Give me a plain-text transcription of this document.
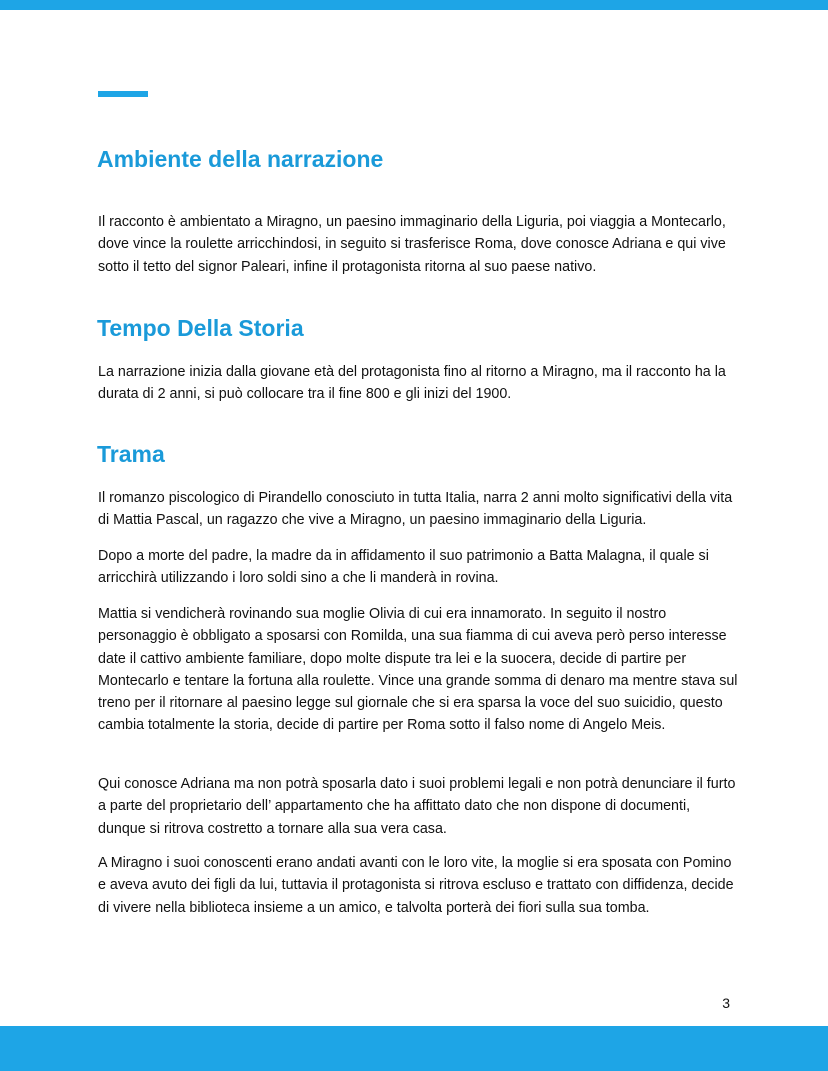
Ambiente della narrazione

Il racconto è ambientato a Miragno, un paesino immaginario della Liguria, poi viaggia a Montecarlo, dove vince la roulette arricchindosi, in seguito si trasferisce Roma, dove conosce Adriana e qui vive sotto il tetto del signor Paleari, infine il protagonista ritorna al suo paese nativo.

Tempo Della Storia

La narrazione inizia dalla giovane età del protagonista fino al ritorno a Miragno, ma il racconto ha la durata di 2 anni, si può collocare tra il fine 800 e gli inizi del 1900.

Trama

Il romanzo piscologico di Pirandello conosciuto in tutta Italia, narra 2 anni molto significativi della vita di Mattia Pascal, un ragazzo che vive a Miragno, un paesino immaginario della Liguria.

Dopo a morte del padre, la madre da in affidamento il suo patrimonio a Batta Malagna, il quale si arricchirà utilizzando i loro soldi sino a che li manderà in rovina.

Mattia si vendicherà rovinando sua moglie Olivia di cui era innamorato. In seguito il nostro personaggio è obbligato a sposarsi con Romilda, una sua fiamma di cui aveva però perso interesse date il cattivo ambiente familiare, dopo molte dispute tra lei e la suocera, decide di partire per Montecarlo e tentare la fortuna alla roulette. Vince una grande somma di denaro ma mentre stava sul treno per il ritornare al paesino legge sul giornale che si era sparsa la voce del suo suicidio, questo cambia totalmente la storia, decide di partire per Roma sotto il falso nome di Angelo Meis.

Qui conosce Adriana ma non potrà sposarla dato i suoi problemi legali e non potrà denunciare il furto a parte del proprietario dell’ appartamento che ha affittato dato che non dispone di documenti, dunque si ritrova costretto a tornare alla sua vera casa.

A Miragno i suoi conoscenti erano andati avanti con le loro vite, la moglie si era sposata con Pomino e aveva avuto dei figli da lui, tuttavia il protagonista si ritrova escluso e trattato con diffidenza, decide di vivere nella biblioteca insieme a un amico, e talvolta porterà dei fiori sulla sua tomba.

3
